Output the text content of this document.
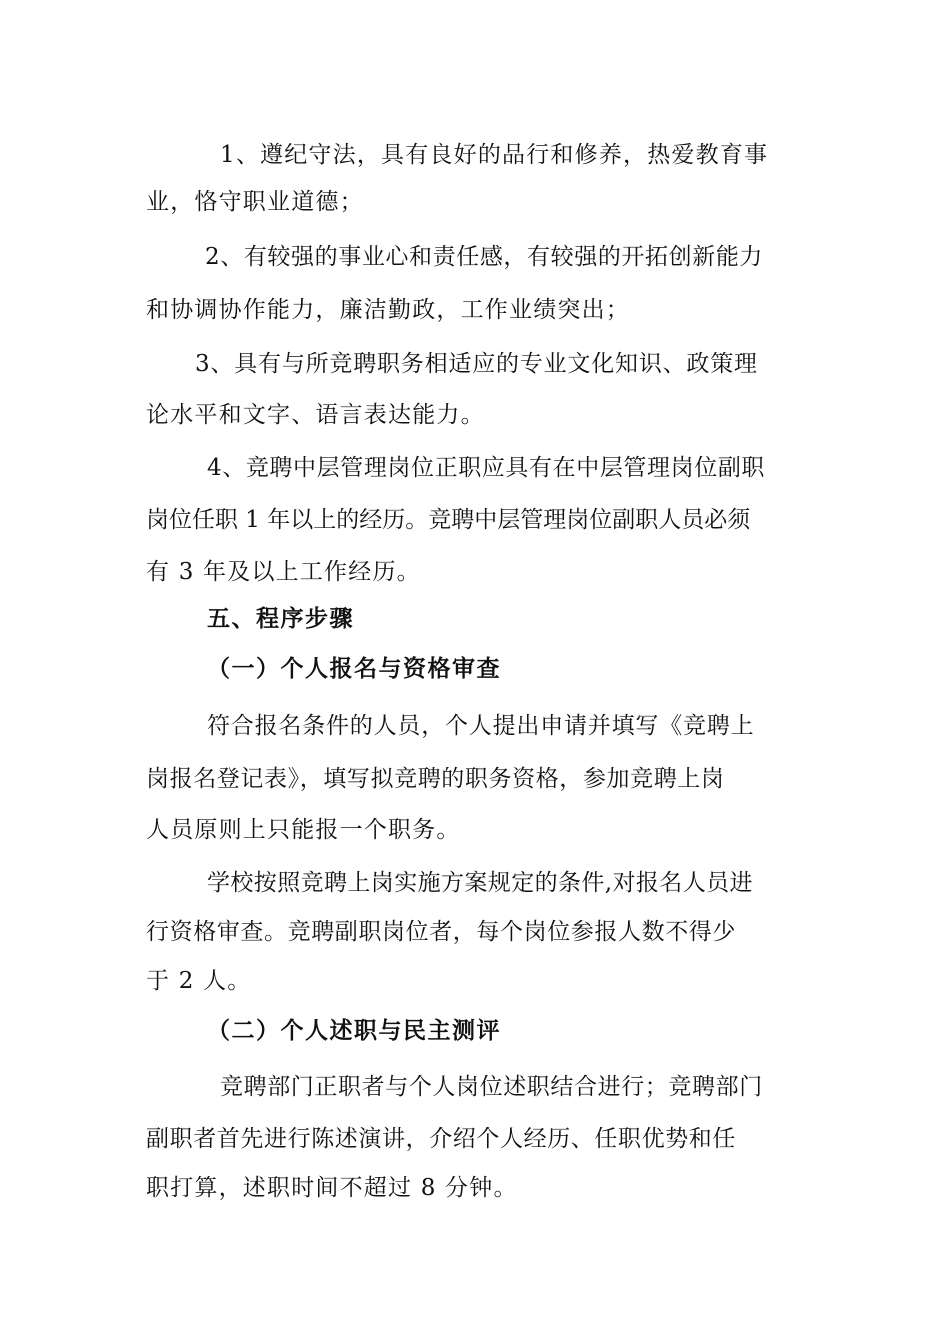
1、遵纪守法，具有良好的品行和修养，热爱教育事
业，恪守职业道德；
2、有较强的事业心和责任感，有较强的开拓创新能力
和协调协作能力，廉洁勤政，工作业绩突出；
3、具有与所竞聘职务相适应的专业文化知识、政策理
论水平和文字、语言表达能力。
4、竞聘中层管理岗位正职应具有在中层管理岗位副职
岗位任职 1 年以上的经历。竞聘中层管理岗位副职人员必须
有 3 年及以上工作经历。
五、程序步骤
（一）个人报名与资格审查
符合报名条件的人员，个人提出申请并填写《竞聘上
岗报名登记表》，填写拟竞聘的职务资格，参加竞聘上岗
人员原则上只能报一个职务。
学校按照竞聘上岗实施方案规定的条件,对报名人员进
行资格审查。竞聘副职岗位者，每个岗位参报人数不得少
于 2 人。
（二）个人述职与民主测评
竞聘部门正职者与个人岗位述职结合进行；竞聘部门
副职者首先进行陈述演讲，介绍个人经历、任职优势和任
职打算，述职时间不超过 8 分钟。
